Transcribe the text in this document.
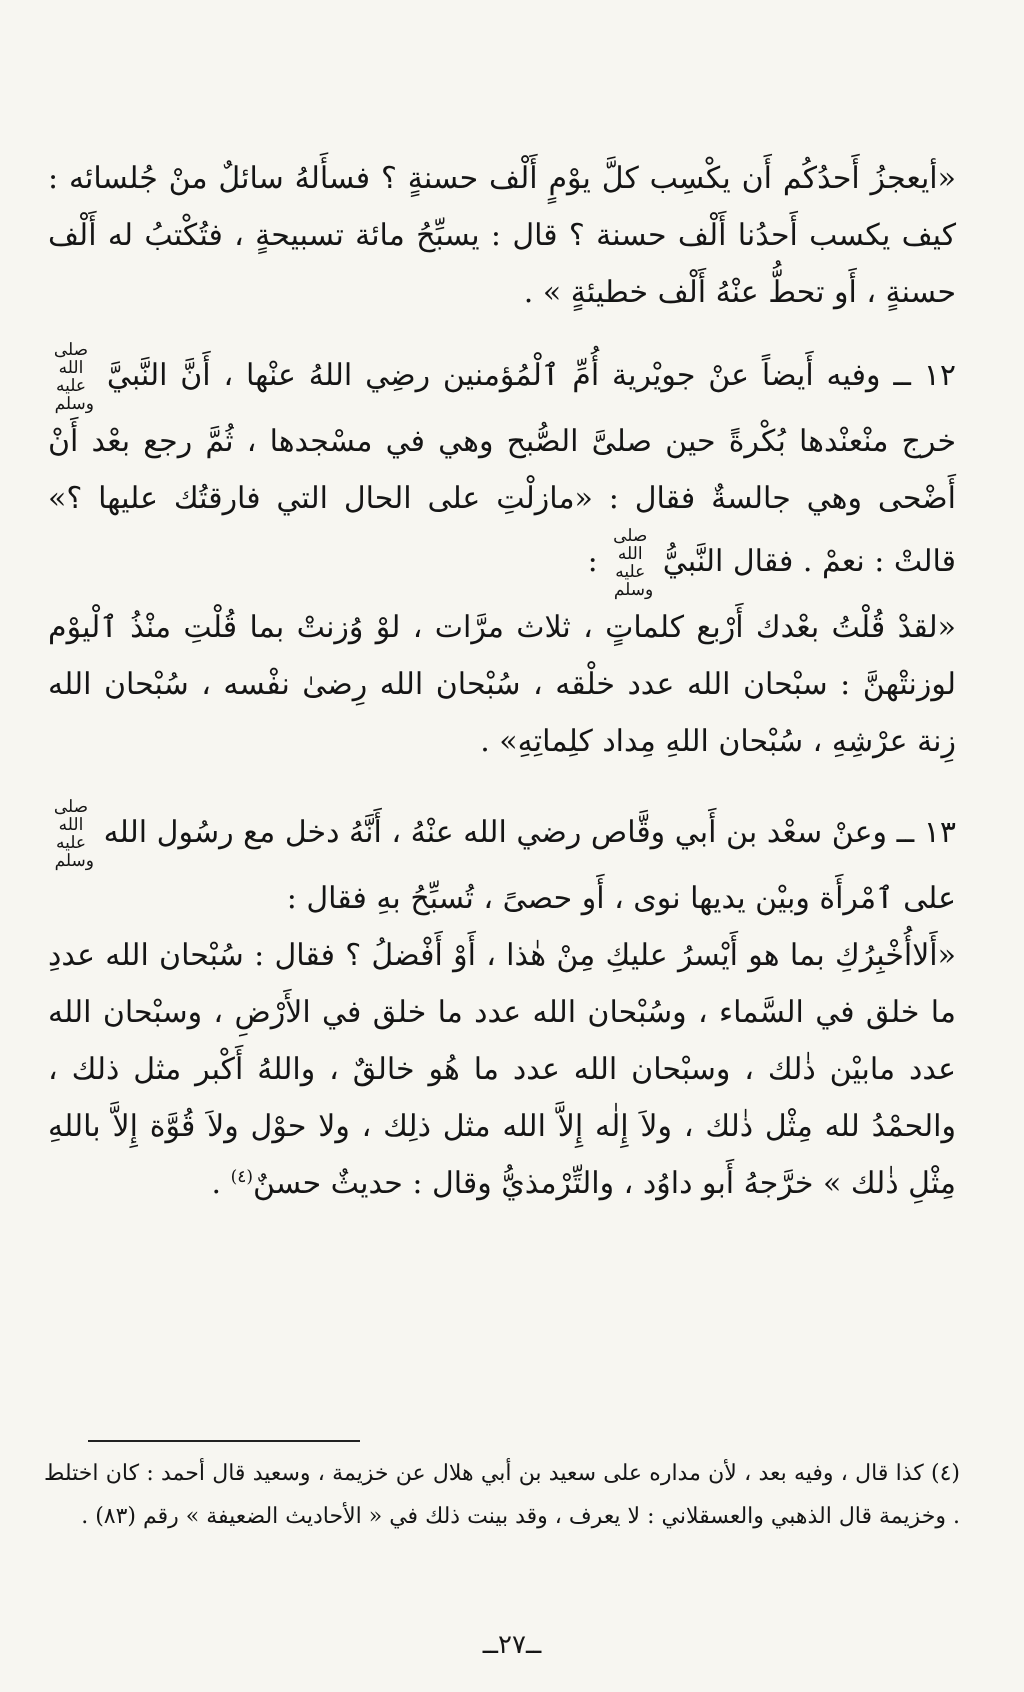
«أيعجزُ أَحدُكُم أَن يكْسِب كلَّ يوْمٍ أَلْف حسنةٍ ؟ فسأَلهُ سائلٌ منْ جُلسائه : كيف يكسب أَحدُنا أَلْف حسنة ؟ قال : يسبِّحُ مائة تسبيحةٍ ، فتُكْتبُ له أَلْف حسنةٍ ، أَو تحطُّ عنْهُ أَلْف خطيئةٍ » .

١٢ ــ وفيه أَيضاً عنْ جويْرية أُمِّ ٱلْمُؤمنين رضِي اللهُ عنْها ، أَنَّ النَّبيَّ صلى الله عليه وسلم خرج منْعنْدها بُكْرةً حين صلىَّ الصُّبح وهي في مسْجدها ، ثُمَّ رجع بعْد أَنْ أَضْحى وهي جالسةٌ فقال : «مازلْتِ على الحال التي فارقتُك عليها ؟» قالتْ : نعمْ . فقال النَّبيُّ صلى الله عليه وسلم :

«لقدْ قُلْتُ بعْدك أَرْبع كلماتٍ ، ثلاث مرَّات ، لوْ وُزنتْ بما قُلْتِ منْذُ ٱلْيوْم لوزنتْهنَّ : سبْحان الله عدد خلْقه ، سُبْحان الله رِضىٰ نفْسه ، سُبْحان الله زِنة عرْشِهِ ، سُبْحان اللهِ مِداد كلِماتِهِ» .

١٣ ــ وعنْ سعْد بن أَبي وقَّاص رضي الله عنْهُ ، أَنَّهُ دخل مع رسُول الله صلى الله عليه وسلم على ٱمْرأَة وبيْن يديها نوى ، أَو حصىً ، تُسبِّحُ بهِ فقال :

«أَلاأُخْبِرُكِ بما هو أَيْسرُ عليكِ مِنْ هٰذا ، أَوْ أَفْضلُ ؟ فقال : سُبْحان الله عددِ ما خلق في السَّماء ، وسُبْحان الله عدد ما خلق في الأَرْضِ ، وسبْحان الله عدد مابيْن ذٰلك ، وسبْحان الله عدد ما هُو خالقٌ ، واللهُ أَكْبر مثل ذلك ، والحمْدُ لله مِثْل ذٰلك ، ولاَ إِلٰه إِلاَّ الله مثل ذلِك ، ولا حوْل ولاَ قُوَّة إِلاَّ باللهِ مِثْلِ ذٰلك » خرَّجهُ أَبو داوُد ، والتِّرْمذيُّ وقال : حديثٌ حسنٌ$^{(٤)}$ .

(٤) كذا قال ، وفيه بعد ، لأن مداره على سعيد بن أبي هلال عن خزيمة ، وسعيد قال أحمد : كان اختلط . وخزيمة قال الذهبي والعسقلاني : لا يعرف ، وقد بينت ذلك في « الأحاديث الضعيفة » رقم (٨٣) .

ــ٢٧ــ
